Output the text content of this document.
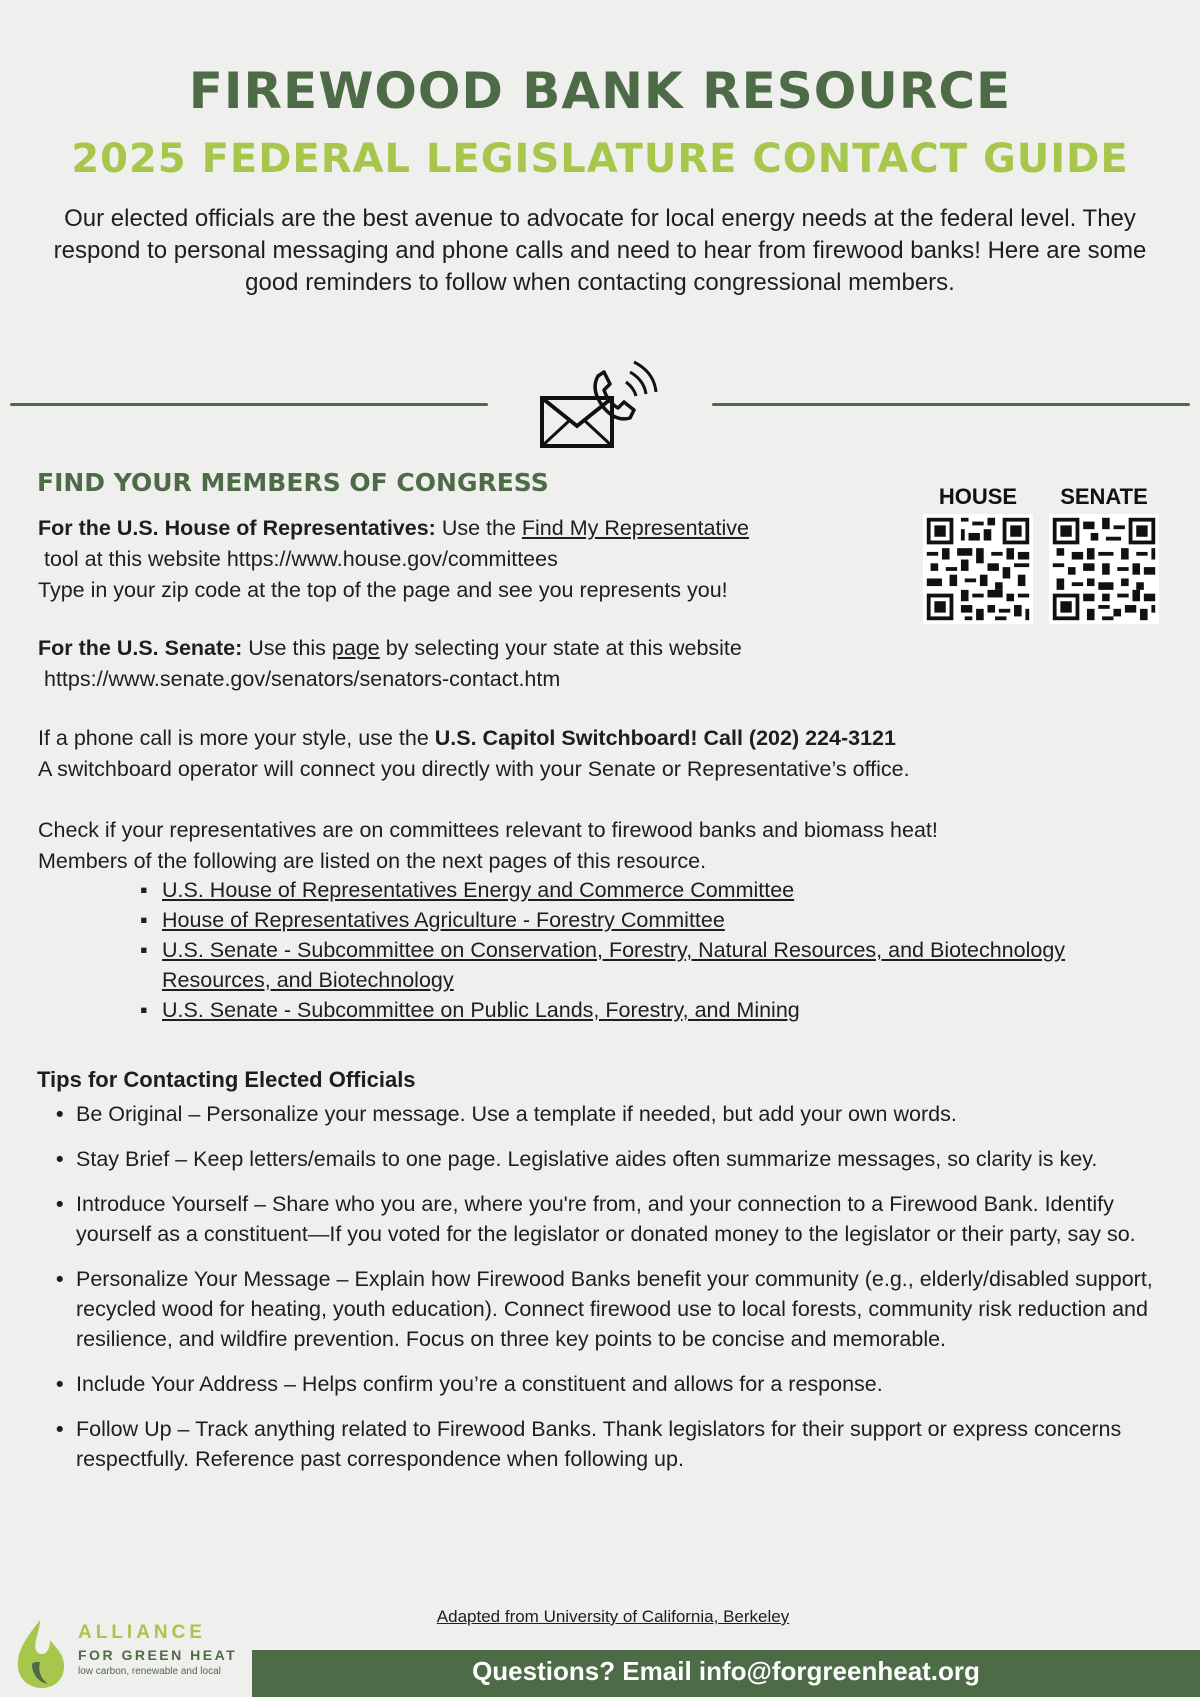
FIREWOOD BANK RESOURCE
2025 FEDERAL LEGISLATURE CONTACT GUIDE

Our elected officials are the best avenue to advocate for local energy needs at the federal level. They respond to personal messaging and phone calls and need to hear from firewood banks! Here are some good reminders to follow when contacting congressional members.

FIND YOUR MEMBERS OF CONGRESS	HOUSE	SENATE

For the U.S. House of Representatives: Use the Find My Representative
tool at this website https://www.house.gov/committees
Type in your zip code at the top of the page and see you represents you!

For the U.S. Senate: Use this page by selecting your state at this website
https://www.senate.gov/senators/senators-contact.htm

If a phone call is more your style, use the U.S. Capitol Switchboard! Call (202) 224-3121
A switchboard operator will connect you directly with your Senate or Representative’s office.

Check if your representatives are on committees relevant to firewood banks and biomass heat!
Members of the following are listed on the next pages of this resource.

▪ U.S. House of Representatives Energy and Commerce Committee
▪ House of Representatives Agriculture - Forestry Committee
▪ U.S. Senate - Subcommittee on Conservation, Forestry, Natural Resources, and Biotechnology Resources, and Biotechnology
▪ U.S. Senate - Subcommittee on Public Lands, Forestry, and Mining
Tips for Contacting Elected Officials
• Be Original – Personalize your message. Use a template if needed, but add your own words.
• Stay Brief – Keep letters/emails to one page. Legislative aides often summarize messages, so clarity is key.
• Introduce Yourself – Share who you are, where you're from, and your connection to a Firewood Bank. Identify yourself as a constituent—If you voted for the legislator or donated money to the legislator or their party, say so.
• Personalize Your Message – Explain how Firewood Banks benefit your community (e.g., elderly/disabled support, recycled wood for heating, youth education). Connect firewood use to local forests, community risk reduction and resilience, and wildfire prevention. Focus on three key points to be concise and memorable.
• Include Your Address – Helps confirm you’re a constituent and allows for a response.
• Follow Up – Track anything related to Firewood Banks. Thank legislators for their support or express concerns respectfully. Reference past correspondence when following up.
Adapted from University of California, Berkeley
ALLIANCE
FOR GREEN HEAT
low carbon, renewable and local	Questions? Email info@forgreenheat.org
